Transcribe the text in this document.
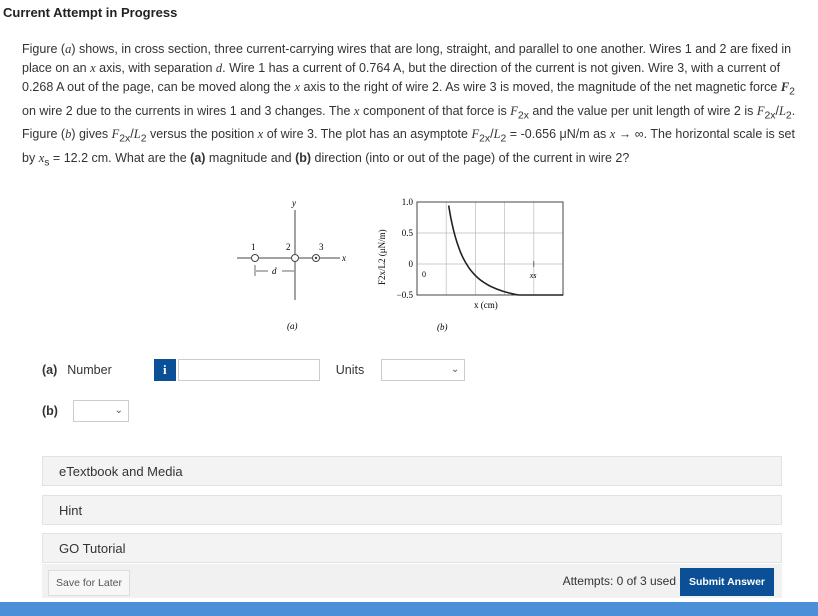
Current Attempt in Progress
Figure (a) shows, in cross section, three current-carrying wires that are long, straight, and parallel to one another. Wires 1 and 2 are fixed in place on an x axis, with separation d. Wire 1 has a current of 0.764 A, but the direction of the current is not given. Wire 3, with a current of 0.268 A out of the page, can be moved along the x axis to the right of wire 2. As wire 3 is moved, the magnitude of the net magnetic force $F_2$ on wire 2 due to the currents in wires 1 and 3 changes. The x component of that force is $F_{2x}$ and the value per unit length of wire 2 is $F_{2x}/L_2$. Figure (b) gives $F_{2x}/L_2$ versus the position x of wire 3. The plot has an asymptote $F_{2x}/L_2 = -0.656$ μN/m as x → ∞. The horizontal scale is set by $x_s = 12.2$ cm. What are the (a) magnitude and (b) direction (into or out of the page) of the current in wire 2?
y
x
1	2	3
d
(a)	(b)
x (cm)
F2x/L2 (μN/m)
1.0
0.5
0
−0.5
0	xs
(a) Number	i	Units	⌄
(b)	⌄
eTextbook and Media
Hint
GO Tutorial
Save for Later	Attempts: 0 of 3 used	Submit Answer
